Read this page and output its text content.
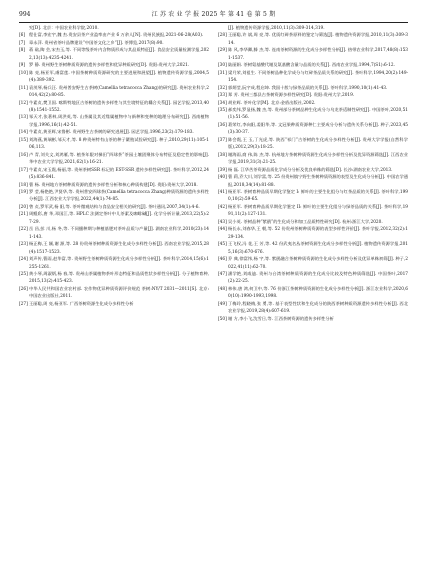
994	江 苏 农 业 学 报 2025 年 第 41 卷 第 5 期
究[D]. 北京：中国农业科学院,2010.
[6] 程仕富,李宏宇,魏 杰.贵安县茶产业盈率由产业 6 万余人[N]. 贵州民族报,2021-06-28(A03).
[7] 章永萍. 贵州省茶叶品牌建设“中国茶文化之乡”[J]. 茶博览,2017(8):90.
[8] 蒋 础,陶 会,宋杰玉,等. 不同等级茶叶内含物质形成与其品质特征[J]. 食品安全质量检测学报,2022,13(13):4235-4241.
[9] 罗 静. 贵州野生茶树种质资源的遗传多样性和优异种质研究[D]. 贵阳:贵州大学,2021.
[10] 陈 亮,杨亚军,虞富莲. 中国茶树种质资源研究的主要进展和展望[J]. 植物遗传资源学报,2004,5(4):389-392.
[11] 袁茂琴,杨兵汪. 贵州普安野生古茶树(Camellia tetracocca Zhang)的研究[J]. 贵州农业科学,2014,42(2):80-85.
[12] 牛素贞,樊卫国. 喀斯特地区古茶树的遗传多样性与其生境特征的耦合关系[J]. 园艺学报,2013,40(8):1541-1552.
[13] 邹天才,张著林,周洪英,等. 山茶属及其近缘属植物中与新种和变种的地理分布研究[J]. 西南植物学报,1996,16(1):42-51.
[14] 牛素贞,黄亚辉,宋鲁彬. 贵州野生古茶树的研究进展[J]. 园艺学报,1996,23(2):179-183.
[15] 刘海燕,黄瑞彬,邹天才,等. 8 种贵州特有山茶的种子繁殖试验研究[J]. 种子,2010,29(11):105-106,113.
[16] 卢 青,刘关文,刘鸿雁,等. 植茶年限对梯田“四球茶”茶园土壤团聚体分布特征及稳定性的影响[J]. 华中农业大学学报,2021,62(1):16-21.
[17] 牛素贞,宋玉霞,杨丽,等. 贵州茶树SSR 标记的 EST-SSR 遗传多样性研究[J]. 茶叶科学,2012,24(5):836-841.
[18] 曹 杨. 贵州地方茶树种质资源的遗传多样性分析和核心种质构建[D]. 贵阳:贵州大学,2018.
[19] 罗 莹,杨艳艳,尹贤华,等. 贵州普安四球茶(Camellia tetracocca Zhang)种质资源的遗传多样性分析[J]. 江西农业大学学报,2022,44(1):74-85.
[20] 曾 贞,罗军武,杨 阳,等. 茶叶微观结构与食品安全相关的研究[J]. 茶叶通讯,2007,34(1):4-6.
[21] 周鲲彩,唐 华,邓国江,等. HPLC 法测定茶叶中儿茶素及咖啡碱[J]. 化学分析计量,2013,22(5):27-29.
[22] 岳 昌,彭 川,杨 冬,等. 不同播种期与种植基肥对茶叶品质与产量[J]. 湖南农业科学,2010(23):141-143.
[23] 杨正梅,王 颖,谢 源,等. 28 份贵州茶树种质资源生化成分多样性分析[J]. 西南农业学报,2015,28(4):1517-1523.
[24] 刘声传,曹雨,赵华富,等. 贵州野生茶树种质资源生化成分多样性分析[J]. 茶叶科学,2014,15(6):1255-1261.
[25] 黄小琴,周淑炳,杨 春,等. 贵州山茶属植物茶叶形态特征和品质性状多样性分析[J]. 分子植物育种,2015,13(2):415-423.
[26] 中华人民共和国农业农村部. 农作物优异种质资源评价规范 茶树:NY/T 2031—2011[S]. 北京:中国农业出版社,2011.
[27] 王丽聪,周 亮,杨亚军. 广西茶树资源生化成分多样性分析
[J]. 植物遗传资源学报,2010,11(3):309-314,319.
[28] 王丽聪,许 斌,周 亮,等. 优质红碎茶原料的鉴定与筛选[J]. 植物遗传资源学报,2010,11(3):309-314.
[29] 陈 风,李华卿,滕 杰,等. 连南茶树资源的生化成分多样性分析[J]. 热带农业科学,2017,48(8):1531-1537.
[30] 陆丽娟. 茶树氨基酸代谢及氨基酸含量与品质的关系[J]. 西南农业学报,1994,7(S1):6-12.
[31] 梁月荣,刘祖生. 不同茶树品种化学成分与红碎茶品质关系的研究[J]. 茶叶科学,1994,20(2):149-154.
[32] 郭炳莹,阮宇成,程启坤. 我国十般与绿茶品质的关系[J]. 茶叶科学,1990,10(1):41-43.
[33] 郑 芳. 贵州三都县古茶树资源多样性研究[D]. 贵阳:贵州大学,2019.
[34] 胡业辉. 茶叶化学[M]. 北京:金盾出版社,2002.
[35] 郝奕纬,罗显扬,魏 杰,等. 贵州部分茶树品种生化成分与乌龙茶适制性研究[J]. 中国茶叶,2020,51(1):51-56.
[36] 葛荣红,李向阳,姜阳华,等. 文冠果种质资源种仁主要成分分析与遗传关系分析[J]. 种子,2023,45(3):30-37.
[37] 陈会霞,王 玉,丁光虎,等. 陕西“祁门”古茶树的生化成分多样性分析[J]. 贵州大学学报(自然科学版),2012,29(3):18-25.
[38] 谢海雨,商 伟,陈 杰,等. 杭州地方茶树种质资源生化成分多样性分析及优异资源筛选[J]. 江西农业学报,2019,31(3):21-25.
[39] 杨 磊. 江华苦茶资源品质化学成分分析及优良单株的筛选[D]. 长沙:湖南农业大学,2013.
[40] 曹 莉,乔大川,刘学富,等. 25 份贵州镇宁野生茶树种质资源的表型及生化成分分析[J]. 中国农学通报,2018,34(14):81-88.
[41] 杨亚军. 茶树育种品质早期化学鉴定 I: 鲜叶的主要生化组分与红茶品质的关系[J]. 茶叶科学,1990,10(2):59-65.
[42] 杨亚军. 茶树育种品质早期化学鉴定 II: 鲜叶的主要生化组分与绿茶品质的关系[J]. 茶叶科学,1991,11(2):127-131.
[43] 吴小英. 茶树品种“紫鹃”的生化成分和加工品质特性研究[D]. 杭州:浙江大学,2020.
[44] 杨长永,刘春华,王 朝,等. 52 份贵州茶树种质资源的表型多样性评价[J]. 茶叶学报,2012,32(2):129-134.
[45] 王飞权,冯 花,王 芳,等. 42 份武夷名丛茶树资源生化成分多样性分析[J]. 植物遗传资源学报,2015,16(3):670-676.
[46] 乔 典,徐富纬,杨 宇,等. 紫鹃融合茶树种质资源的生化成分多样性分析及优异单株初筛[J]. 种子,2022,41(11):62-70.
[47] 潘学艳,刘咸迪. 贵州与台湾茶树种质资源的生化成分比较及特色种质筛选[J]. 中国茶叶,2017(2):22-25.
[48] 林伟,唐 鸿,何卫中,等. 76 份浙江茶树种质资源的生化成分多样性分析[J]. 浙江农业科学,2020,60(10):1990-1993,1998.
[49] 丁梅玲,程晓梅,张 勇,等. 基于表型性状和生化成分的陕西茶树种质资源遗传多样性分析[J]. 西北农业学报,2019,28(4):607-619.
[50] 谢 方,李小飞,沈雪日,等. 江西茶树资源的遗传多样性分析
